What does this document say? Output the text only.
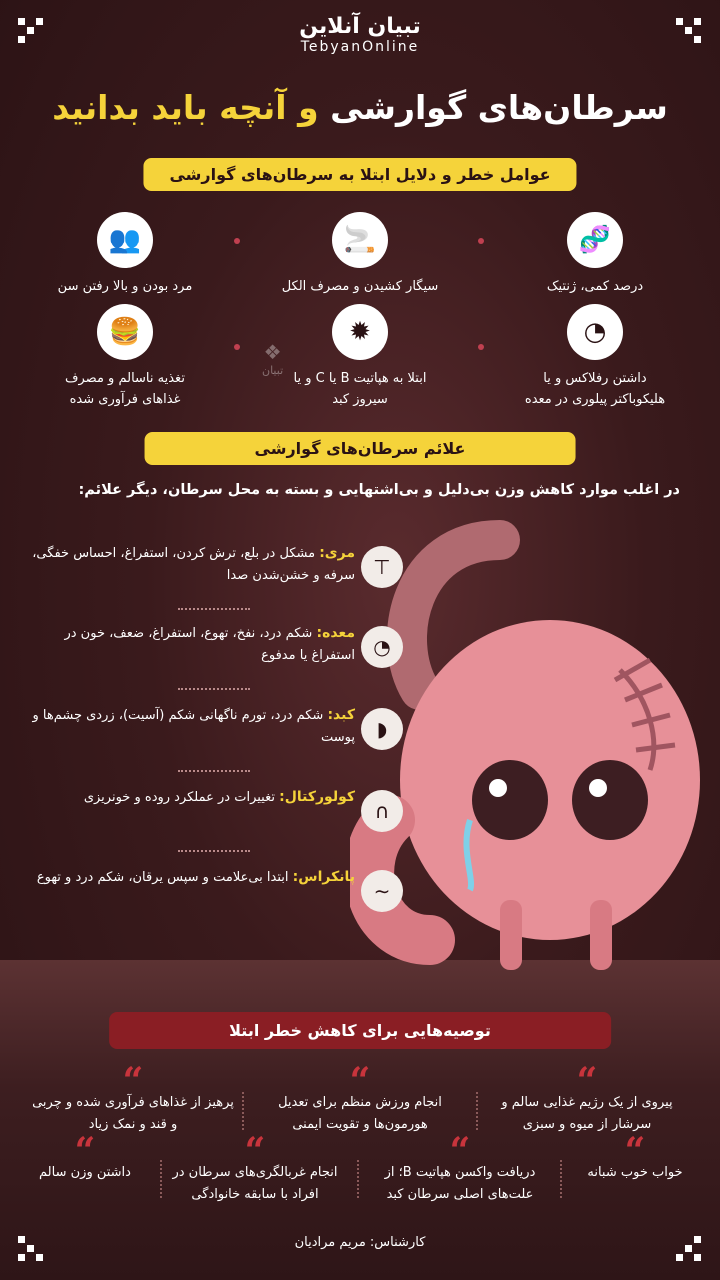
تبیان آنلاین
TebyanOnline
سرطان‌های گوارشی و آنچه باید بدانید
عوامل خطر و دلایل ابتلا به سرطان‌های گوارشی
🧬
درصد کمی، ژنتیک
🚬
سیگار کشیدن و مصرف الکل
👥
مرد بودن و بالا رفتن سن
◔
داشتن رفلاکس و یا هلیکوباکتر پیلوری در معده
✹
ابتلا به هپاتیت B یا C و یا سیروز کبد
🍔
تغذیه ناسالم و مصرف غذاهای فرآوری شده
❖
تبیان
علائم سرطان‌های گوارشی
در اغلب موارد کاهش وزن بی‌دلیل و بی‌اشتهایی و بسته به محل سرطان، دیگر علائم:
⊤
مری: مشکل در بلع، ترش کردن، استفراغ، احساس خفگی، سرفه و خشن‌شدن صدا
◔
معده: شکم درد، نفخ، تهوع، استفراغ، ضعف، خون در استفراغ یا مدفوع
◗
کبد: شکم درد، تورم ناگهانی شکم (آسیت)، زردی چشم‌ها و پوست
∩
کولورکتال: تغییرات در عملکرد روده و خونریزی
∽
پانکراس: ابتدا بی‌علامت و سپس یرقان، شکم درد و تهوع
توصیه‌هایی برای کاهش خطر ابتلا
“
پیروی از یک رژیم غذایی سالم و سرشار از میوه و سبزی
“
انجام ورزش منظم برای تعدیل هورمون‌ها و تقویت ایمنی
“
پرهیز از غذاهای فرآوری شده و چربی و قند و نمک زیاد
“
خواب خوب شبانه
“
دریافت واکسن هپاتیت B؛ از علت‌های اصلی سرطان کبد
“
انجام غربالگری‌های سرطان در افراد با سابقه خانوادگی
“
داشتن وزن سالم
کارشناس: مریم مرادیان
